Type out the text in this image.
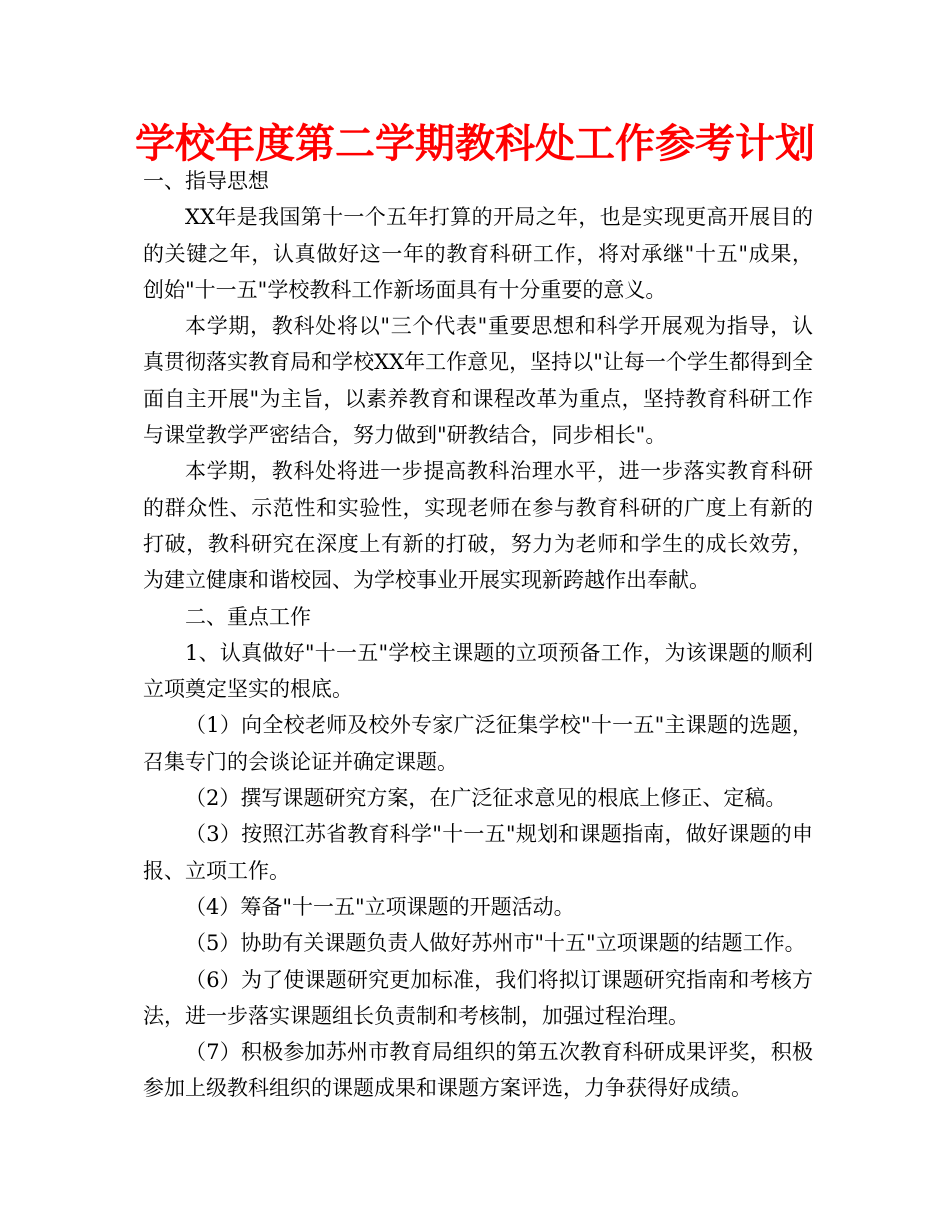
学校年度第二学期教科处工作参考计划

一、指导思想

XX年是我国第十一个五年打算的开局之年，也是实现更高开展目的的关键之年，认真做好这一年的教育科研工作，将对承继"十五"成果，创始"十一五"学校教科工作新场面具有十分重要的意义。

本学期，教科处将以"三个代表"重要思想和科学开展观为指导，认真贯彻落实教育局和学校XX年工作意见，坚持以"让每一个学生都得到全面自主开展"为主旨，以素养教育和课程改革为重点，坚持教育科研工作与课堂教学严密结合，努力做到"研教结合，同步相长"。

本学期，教科处将进一步提高教科治理水平，进一步落实教育科研的群众性、示范性和实验性，实现老师在参与教育科研的广度上有新的打破，教科研究在深度上有新的打破，努力为老师和学生的成长效劳，为建立健康和谐校园、为学校事业开展实现新跨越作出奉献。

二、重点工作

1、认真做好"十一五"学校主课题的立项预备工作，为该课题的顺利立项奠定坚实的根底。

（1）向全校老师及校外专家广泛征集学校"十一五"主课题的选题，召集专门的会谈论证并确定课题。

（2）撰写课题研究方案，在广泛征求意见的根底上修正、定稿。

（3）按照江苏省教育科学"十一五"规划和课题指南，做好课题的申报、立项工作。

（4）筹备"十一五"立项课题的开题活动。

（5）协助有关课题负责人做好苏州市"十五"立项课题的结题工作。

（6）为了使课题研究更加标准，我们将拟订课题研究指南和考核方法，进一步落实课题组长负责制和考核制，加强过程治理。

（7）积极参加苏州市教育局组织的第五次教育科研成果评奖，积极参加上级教科组织的课题成果和课题方案评选，力争获得好成绩。
